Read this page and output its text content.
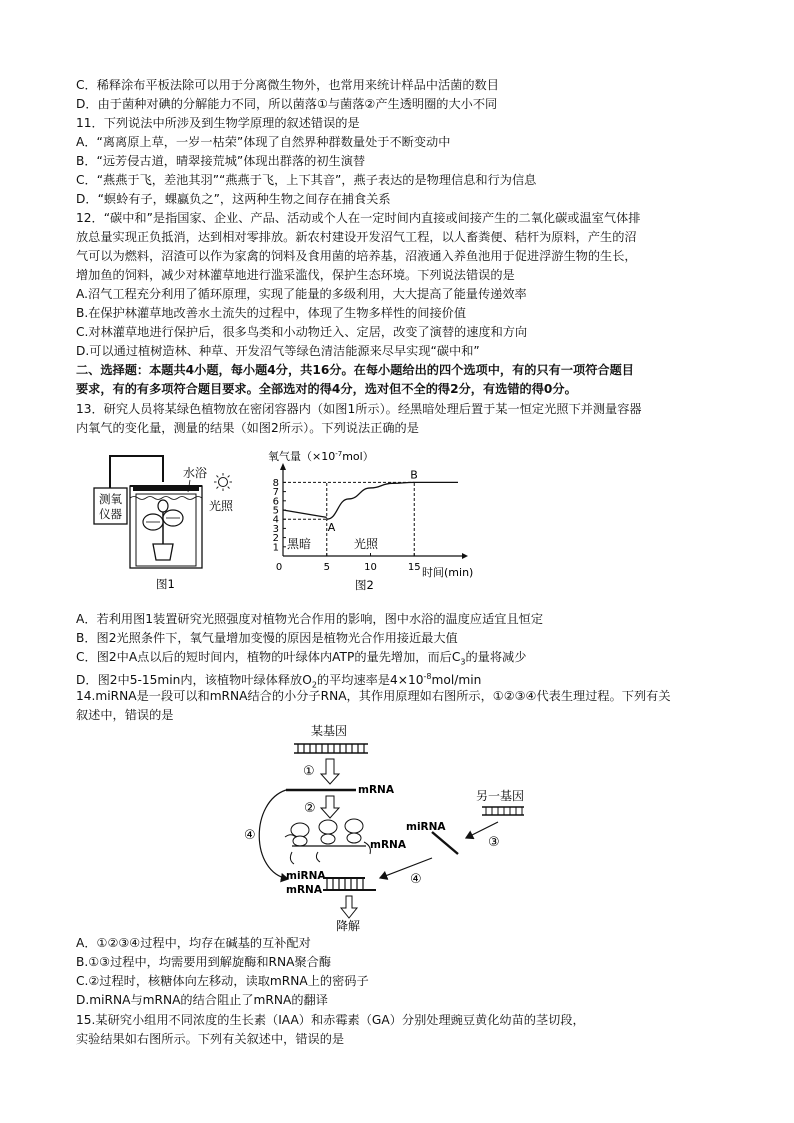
C．稀释涂布平板法除可以用于分离微生物外，也常用来统计样品中活菌的数目
D．由于菌种对碘的分解能力不同，所以菌落①与菌落②产生透明圈的大小不同
11．下列说法中所涉及到生物学原理的叙述错误的是
A．“离离原上草，一岁一枯荣”体现了自然界种群数量处于不断变动中
B．“远芳侵古道，晴翠接荒城”体现出群落的初生演替
C．“燕燕于飞，差池其羽”“燕燕于飞，上下其音”，燕子表达的是物理信息和行为信息
D．“螟蛉有子，蜾蠃负之”，这两种生物之间存在捕食关系
12．“碳中和”是指国家、企业、产品、活动或个人在一定时间内直接或间接产生的二氧化碳或温室气体排
放总量实现正负抵消，达到相对零排放。新农村建设开发沼气工程，以人畜粪便、秸杆为原料，产生的沼
气可以为燃料，沼渣可以作为家禽的饲料及食用菌的培养基，沼液通入养鱼池用于促进浮游生物的生长，
增加鱼的饲料，减少对林灌草地进行滥采滥伐，保护生态环境。下列说法错误的是
A.沼气工程充分利用了循环原理，实现了能量的多级利用，大大提高了能量传递效率
B.在保护林灌草地改善水土流失的过程中，体现了生物多样性的间接价值
C.对林灌草地进行保护后，很多鸟类和小动物迁入、定居，改变了演替的速度和方向
D.可以通过植树造林、种草、开发沼气等绿色清洁能源来尽早实现“碳中和”
二、选择题：本题共4小题，每小题4分，共16分。在每小题给出的四个选项中，有的只有一项符合题目
要求，有的有多项符合题目要求。全部选对的得4分，选对但不全的得2分，有选错的得0分。
13．研究人员将某绿色植物放在密闭容器内（如图1所示）。经黑暗处理后置于某一恒定光照下并测量容器
内氧气的变化量，测量的结果（如图2所示）。下列说法正确的是
测氧
仪器
水浴
光照
图1
氧气量$(\times 10^{-7}mol)$
1
2
3
4
5
6
7
8
0	5	10	15
A
B
黑暗	光照
时间(min)
图2
A．若利用图1装置研究光照强度对植物光合作用的影响，图中水浴的温度应适宜且恒定
B．图2光照条件下，氧气量增加变慢的原因是植物光合作用接近最大值
C．图2中A点以后的短时间内，植物的叶绿体内ATP的量先增加，而后$C_3$的量将减少
D．图2中5-15min内，该植物叶绿体释放$O_2$的平均速率是$4\times 10^{-8}mol/\min$
14.miRNA是一段可以和mRNA结合的小分子RNA，其作用原理如右图所示，①②③④代表生理过程。下列有关
叙述中，错误的是
某基因
①
mRNA
②
mRNA
④
另一基因
③
miRNA
④
miRNA
mRNA
降解
A．①②③④过程中，均存在碱基的互补配对
B.①③过程中，均需要用到解旋酶和RNA聚合酶
C.②过程时，核糖体向左移动，读取mRNA上的密码子
D.miRNA与mRNA的结合阻止了mRNA的翻译
15.某研究小组用不同浓度的生长素（IAA）和赤霉素（GA）分别处理豌豆黄化幼苗的茎切段，
实验结果如右图所示。下列有关叙述中，错误的是
